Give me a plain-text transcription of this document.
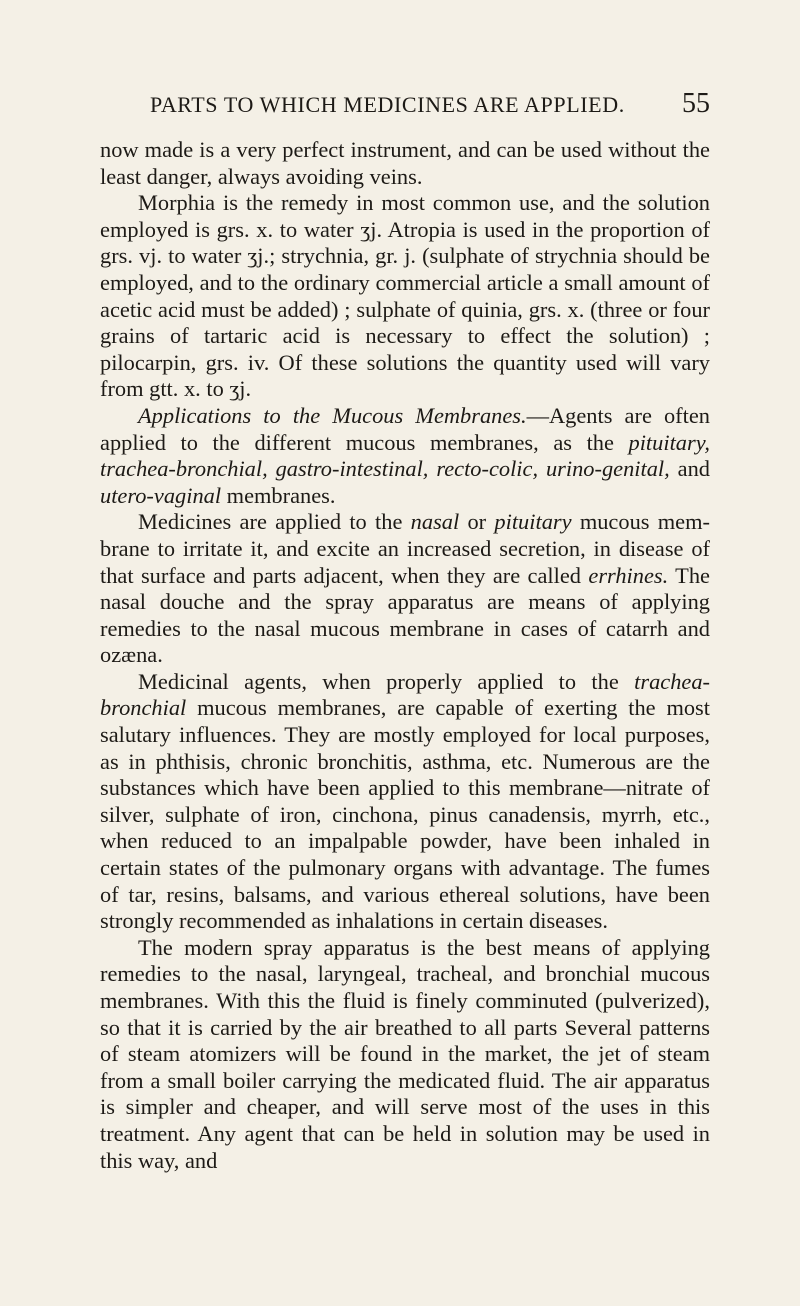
PARTS TO WHICH MEDICINES ARE APPLIED. 55

now made is a very perfect instrument, and can be used without the least danger, always avoiding veins.

Morphia is the remedy in most common use, and the solution employed is grs. x. to water ʒj. Atropia is used in the proportion of grs. vj. to water ʒj.; strychnia, gr. j. (sulphate of strychnia should be employed, and to the ordinary commercial article a small amount of acetic acid must be added) ; sulphate of quinia, grs. x. (three or four grains of tartaric acid is necessary to effect the solution) ; pilocarpin, grs. iv. Of these solutions the quantity used will vary from gtt. x. to ʒj.

Applications to the Mucous Membranes.—Agents are often applied to the different mucous membranes, as the pituitary, trachea-bronchial, gastro-intestinal, recto-colic, urino-genital, and utero-vaginal membranes.

Medicines are applied to the nasal or pituitary mucous membrane to irritate it, and excite an increased secretion, in disease of that surface and parts adjacent, when they are called errhines. The nasal douche and the spray apparatus are means of applying remedies to the nasal mucous membrane in cases of catarrh and ozæna.

Medicinal agents, when properly applied to the trachea-bronchial mucous membranes, are capable of exerting the most salutary influences. They are mostly employed for local purposes, as in phthisis, chronic bronchitis, asthma, etc. Numerous are the substances which have been applied to this membrane—nitrate of silver, sulphate of iron, cinchona, pinus canadensis, myrrh, etc., when reduced to an impalpable powder, have been inhaled in certain states of the pulmonary organs with advantage. The fumes of tar, resins, balsams, and various ethereal solutions, have been strongly recommended as inhalations in certain diseases.

The modern spray apparatus is the best means of applying remedies to the nasal, laryngeal, tracheal, and bronchial mucous membranes. With this the fluid is finely comminuted (pulverized), so that it is carried by the air breathed to all parts Several patterns of steam atomizers will be found in the market, the jet of steam from a small boiler carrying the medicated fluid. The air apparatus is simpler and cheaper, and will serve most of the uses in this treatment. Any agent that can be held in solution may be used in this way, and
